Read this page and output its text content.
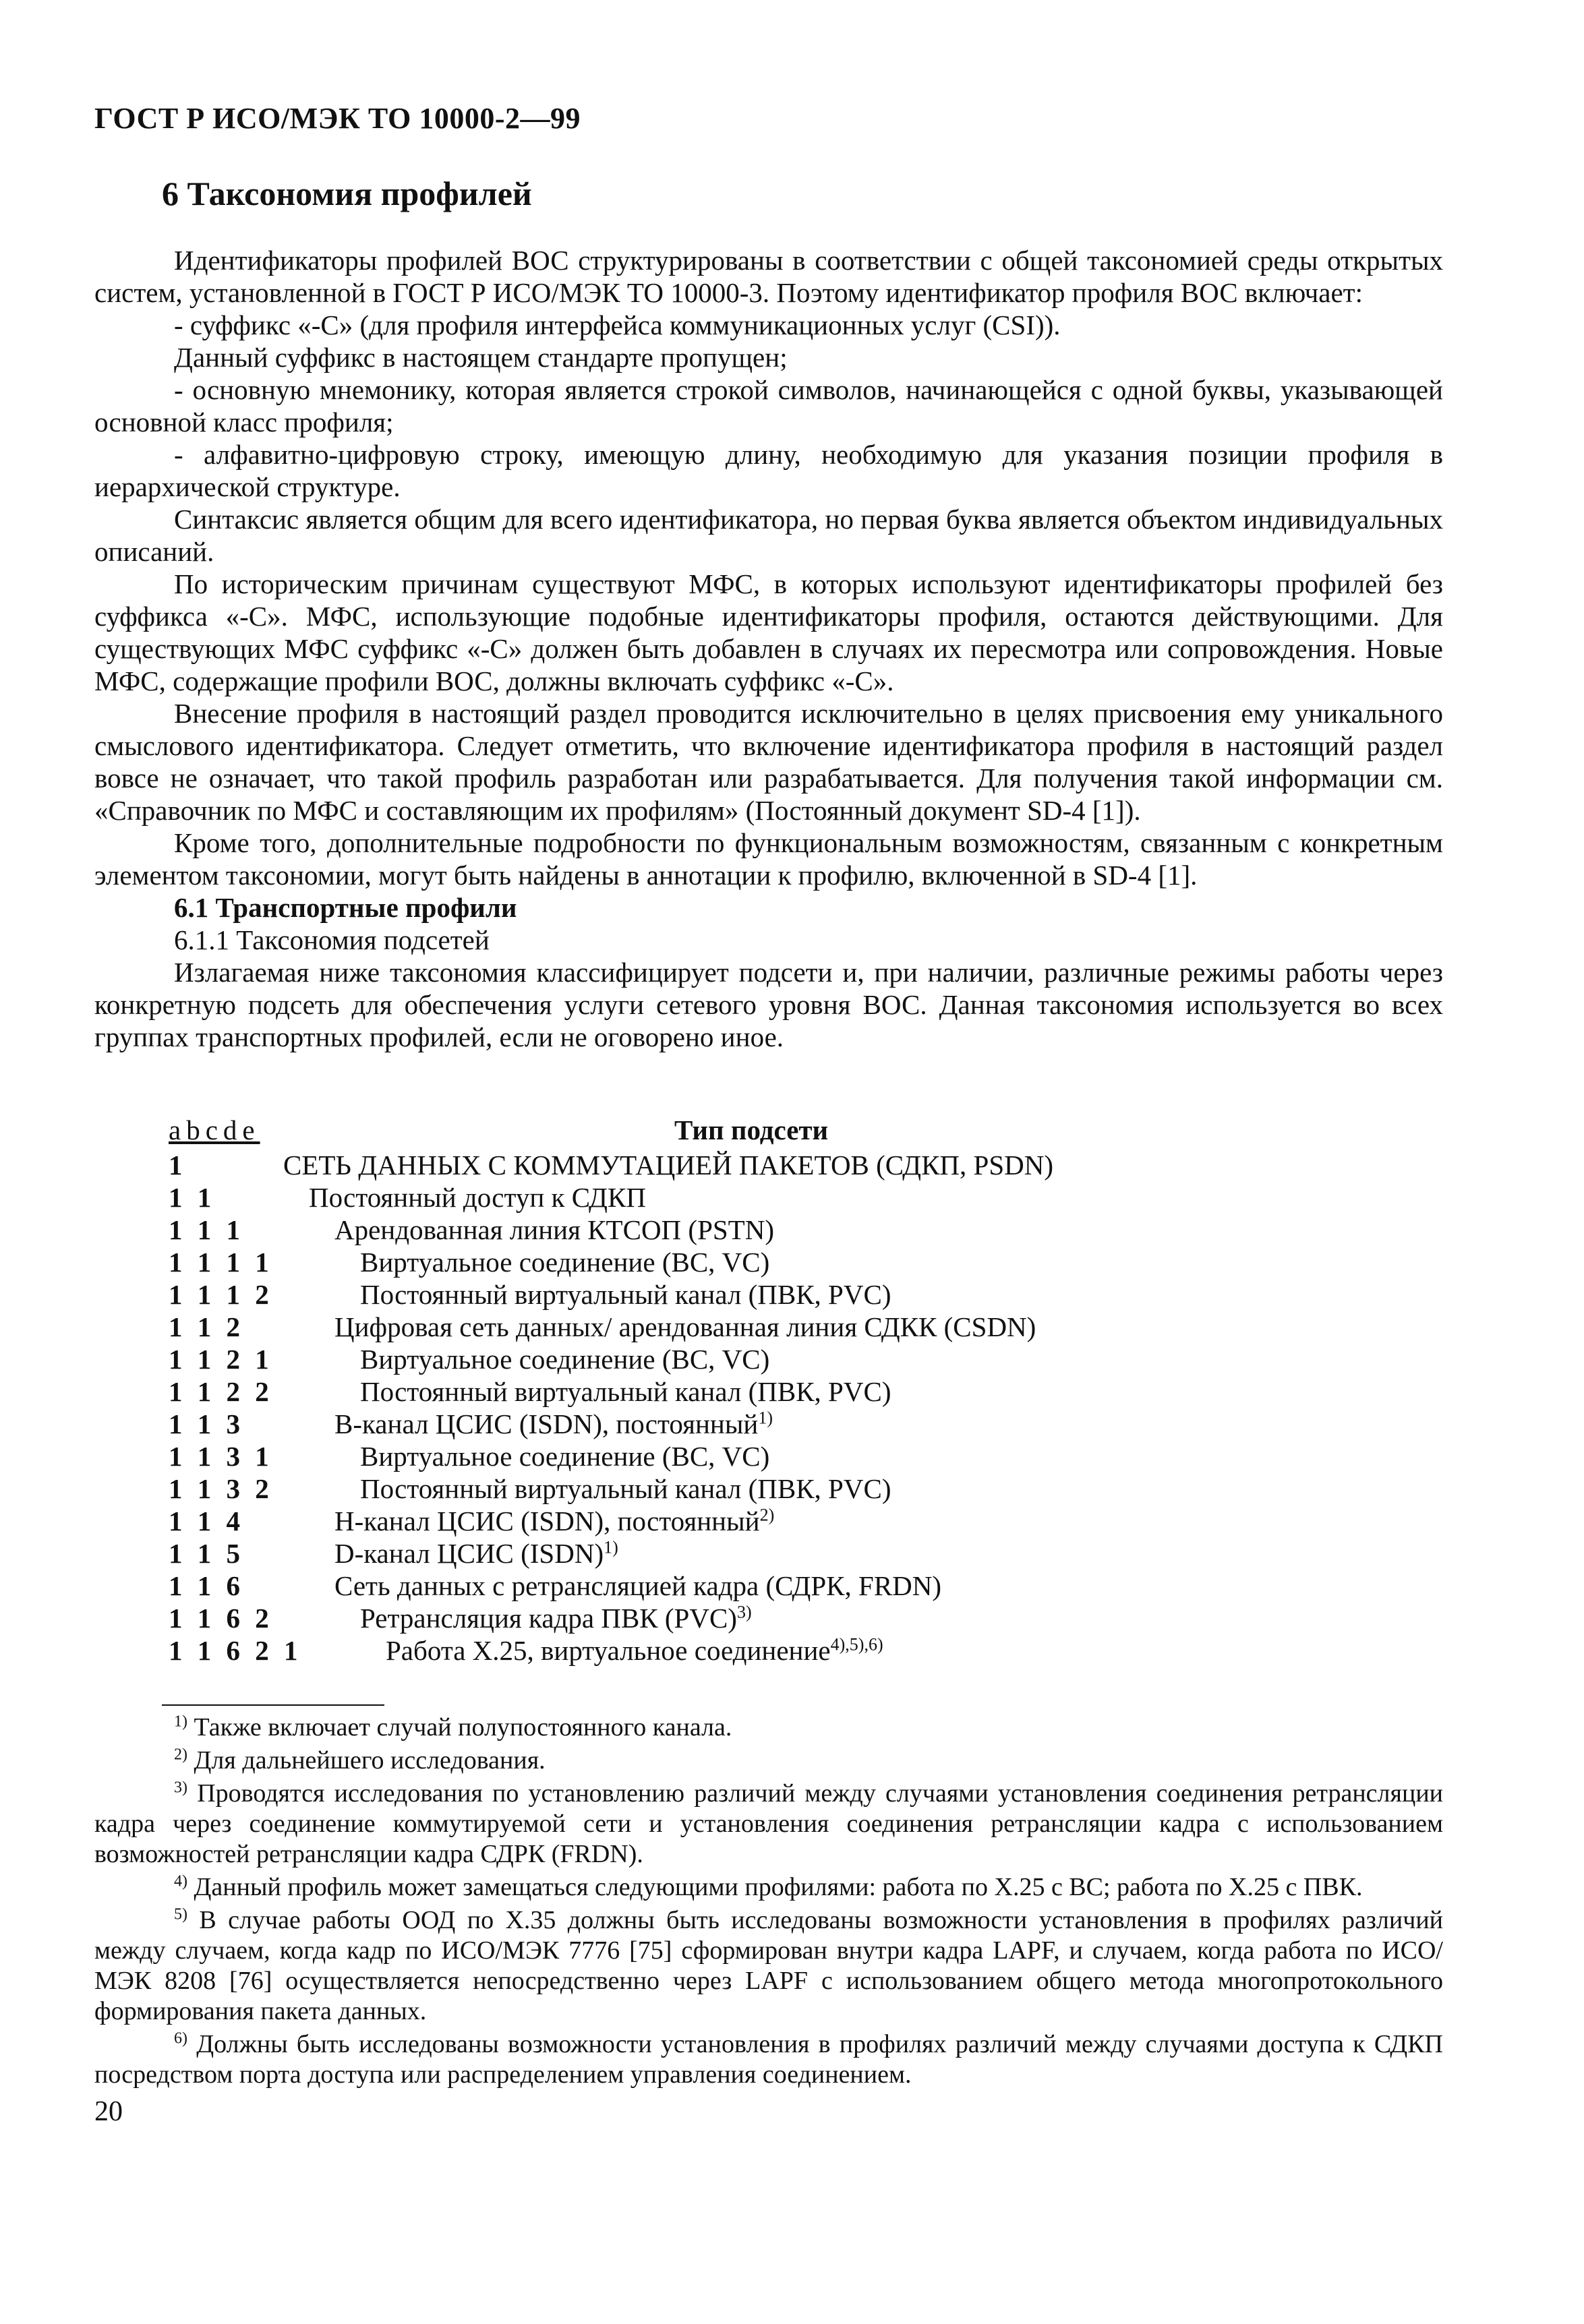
ГОСТ Р ИСО/МЭК ТО 10000-2—99
6 Таксономия профилей

Идентификаторы профилей ВОС структурированы в соответствии с общей таксономией среды открытых систем, установленной в ГОСТ Р ИСО/МЭК ТО 10000-3. Поэтому идентификатор профиля ВОС включает:

- суффикс «-С» (для профиля интерфейса коммуникационных услуг (CSI)).

Данный суффикс в настоящем стандарте пропущен;

- основную мнемонику, которая является строкой символов, начинающейся с одной буквы, указывающей основной класс профиля;

- алфавитно-цифровую строку, имеющую длину, необходимую для указания позиции профиля в иерархической структуре.

Синтаксис является общим для всего идентификатора, но первая буква является объектом индивидуальных описаний.

По историческим причинам существуют МФС, в которых используют идентификаторы профилей без суффикса «-С». МФС, использующие подобные идентификаторы профиля, остаются действующими. Для существующих МФС суффикс «-С» должен быть добавлен в случаях их пересмотра или сопровождения. Новые МФС, содержащие профили ВОС, должны включать суффикс «-С».

Внесение профиля в настоящий раздел проводится исключительно в целях присвоения ему уникального смыслового идентификатора. Следует отметить, что включение идентификатора профиля в настоящий раздел вовсе не означает, что такой профиль разработан или разрабатывается. Для получения такой информации см. «Справочник по МФС и составляющим их профилям» (Постоянный документ SD-4 [1]).

Кроме того, дополнительные подробности по функциональным возможностям, связанным с конкретным элементом таксономии, могут быть найдены в аннотации к профилю, включенной в SD-4 [1].

6.1 Транспортные профили

6.1.1 Таксономия подсетей

Излагаемая ниже таксономия классифицирует подсети и, при наличии, различные режимы работы через конкретную подсеть для обеспечения услуги сетевого уровня ВОС. Данная таксономия используется во всех группах транспортных профилей, если не оговорено иное.

abcde	Тип подсети
1	СЕТЬ ДАННЫХ С КОММУТАЦИЕЙ ПАКЕТОВ (СДКП, PSDN)
1 1	Постоянный доступ к СДКП
1 1 1	Арендованная линия КТСОП (PSTN)
1 1 1 1	Виртуальное соединение (ВС, VC)
1 1 1 2	Постоянный виртуальный канал (ПВК, PVC)
1 1 2	Цифровая сеть данных/ арендованная линия СДКК (CSDN)
1 1 2 1	Виртуальное соединение (ВС, VC)
1 1 2 2	Постоянный виртуальный канал (ПВК, PVC)
1 1 3	В-канал ЦСИС (ISDN), постоянный$^{1)}$
1 1 3 1	Виртуальное соединение (ВС, VC)
1 1 3 2	Постоянный виртуальный канал (ПВК, PVC)
1 1 4	Н-канал ЦСИС (ISDN), постоянный$^{2)}$
1 1 5	D-канал ЦСИС (ISDN)$^{1)}$
1 1 6	Сеть данных с ретрансляцией кадра (СДРК, FRDN)
1 1 6 2	Ретрансляция кадра ПВК (PVC)$^{3)}$
1 1 6 2 1	Работа Х.25, виртуальное соединение$^{4),5),6)}$

$^{1)}$ Также включает случай полупостоянного канала.

$^{2)}$ Для дальнейшего исследования.

$^{3)}$ Проводятся исследования по установлению различий между случаями установления соединения ретрансляции кадра через соединение коммутируемой сети и установления соединения ретрансляции кадра с использованием возможностей ретрансляции кадра СДРК (FRDN).

$^{4)}$ Данный профиль может замещаться следующими профилями: работа по Х.25 с ВС; работа по Х.25 с ПВК.

$^{5)}$ В случае работы ООД по Х.35 должны быть исследованы возможности установления в профилях различий между случаем, когда кадр по ИСО/МЭК 7776 [75] сформирован внутри кадра LAPF, и случаем, когда работа по ИСО/МЭК 8208 [76] осуществляется непосредственно через LAPF с использованием общего метода многопротокольного формирования пакета данных.

$^{6)}$ Должны быть исследованы возможности установления в профилях различий между случаями доступа к СДКП посредством порта доступа или распределением управления соединением.

20
